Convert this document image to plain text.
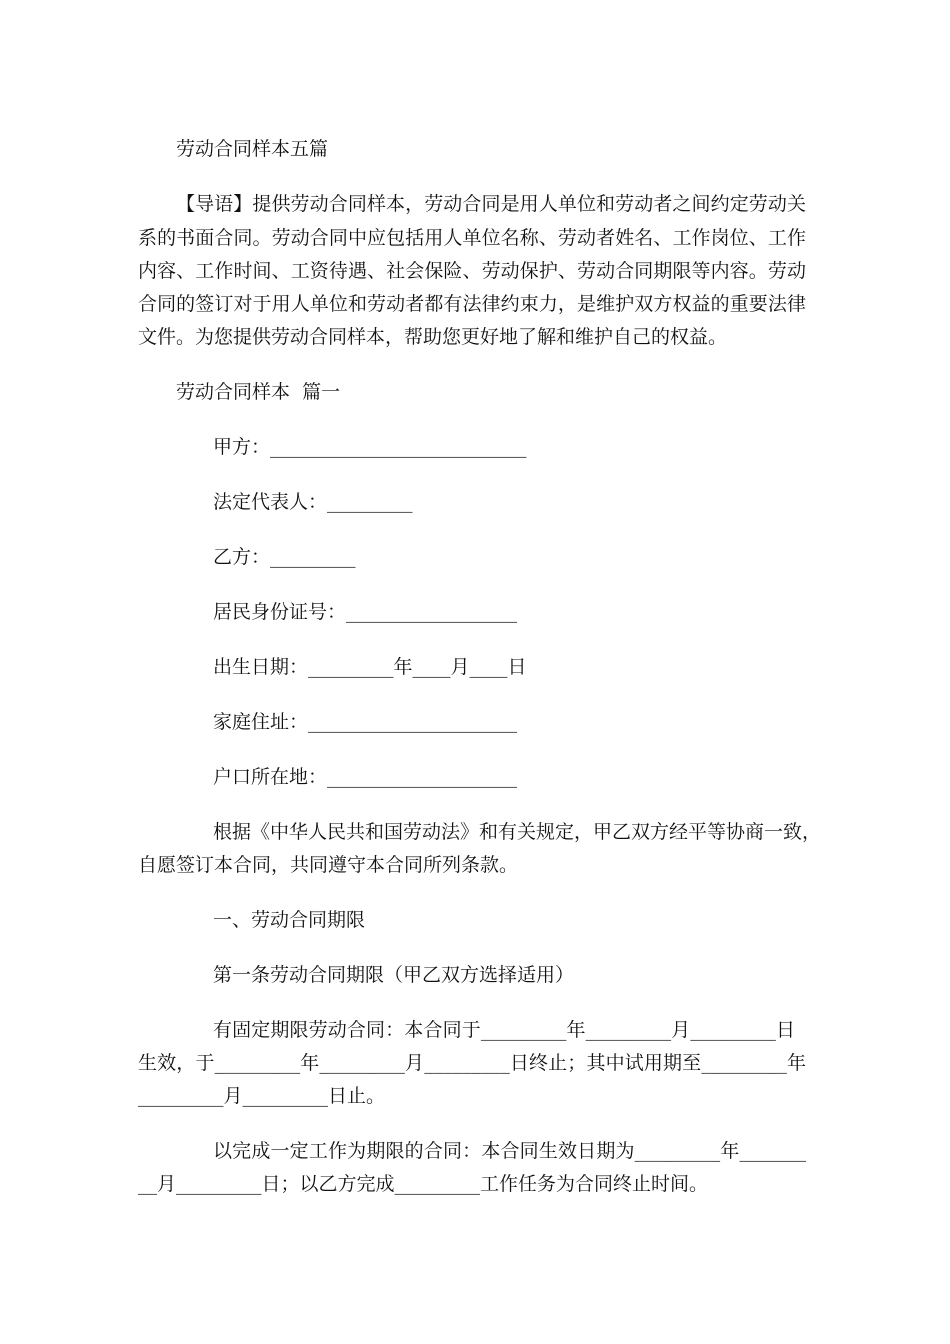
劳动合同样本五篇
【导语】提供劳动合同样本，劳动合同是用人单位和劳动者之间约定劳动关
系的书面合同。劳动合同中应包括用人单位名称、劳动者姓名、工作岗位、工作
内容、工作时间、工资待遇、社会保险、劳动保护、劳动合同期限等内容。劳动
合同的签订对于用人单位和劳动者都有法律约束力，是维护双方权益的重要法律
文件。为您提供劳动合同样本，帮助您更好地了解和维护自己的权益。
劳动合同样本  篇一
甲方：___________________________
法定代表人：_________
乙方：_________
居民身份证号：__________________
出生日期：_________年____月____日
家庭住址：______________________
户口所在地：____________________
根据《中华人民共和国劳动法》和有关规定，甲乙双方经平等协商一致，
自愿签订本合同，共同遵守本合同所列条款。
一、劳动合同期限
第一条劳动合同期限（甲乙双方选择适用）
有固定期限劳动合同：本合同于_________年_________月_________日
生效，于_________年_________月_________日终止；其中试用期至_________年
_________月_________日止。
以完成一定工作为期限的合同：本合同生效日期为_________年_______
__月_________日；以乙方完成_________工作任务为合同终止时间。
